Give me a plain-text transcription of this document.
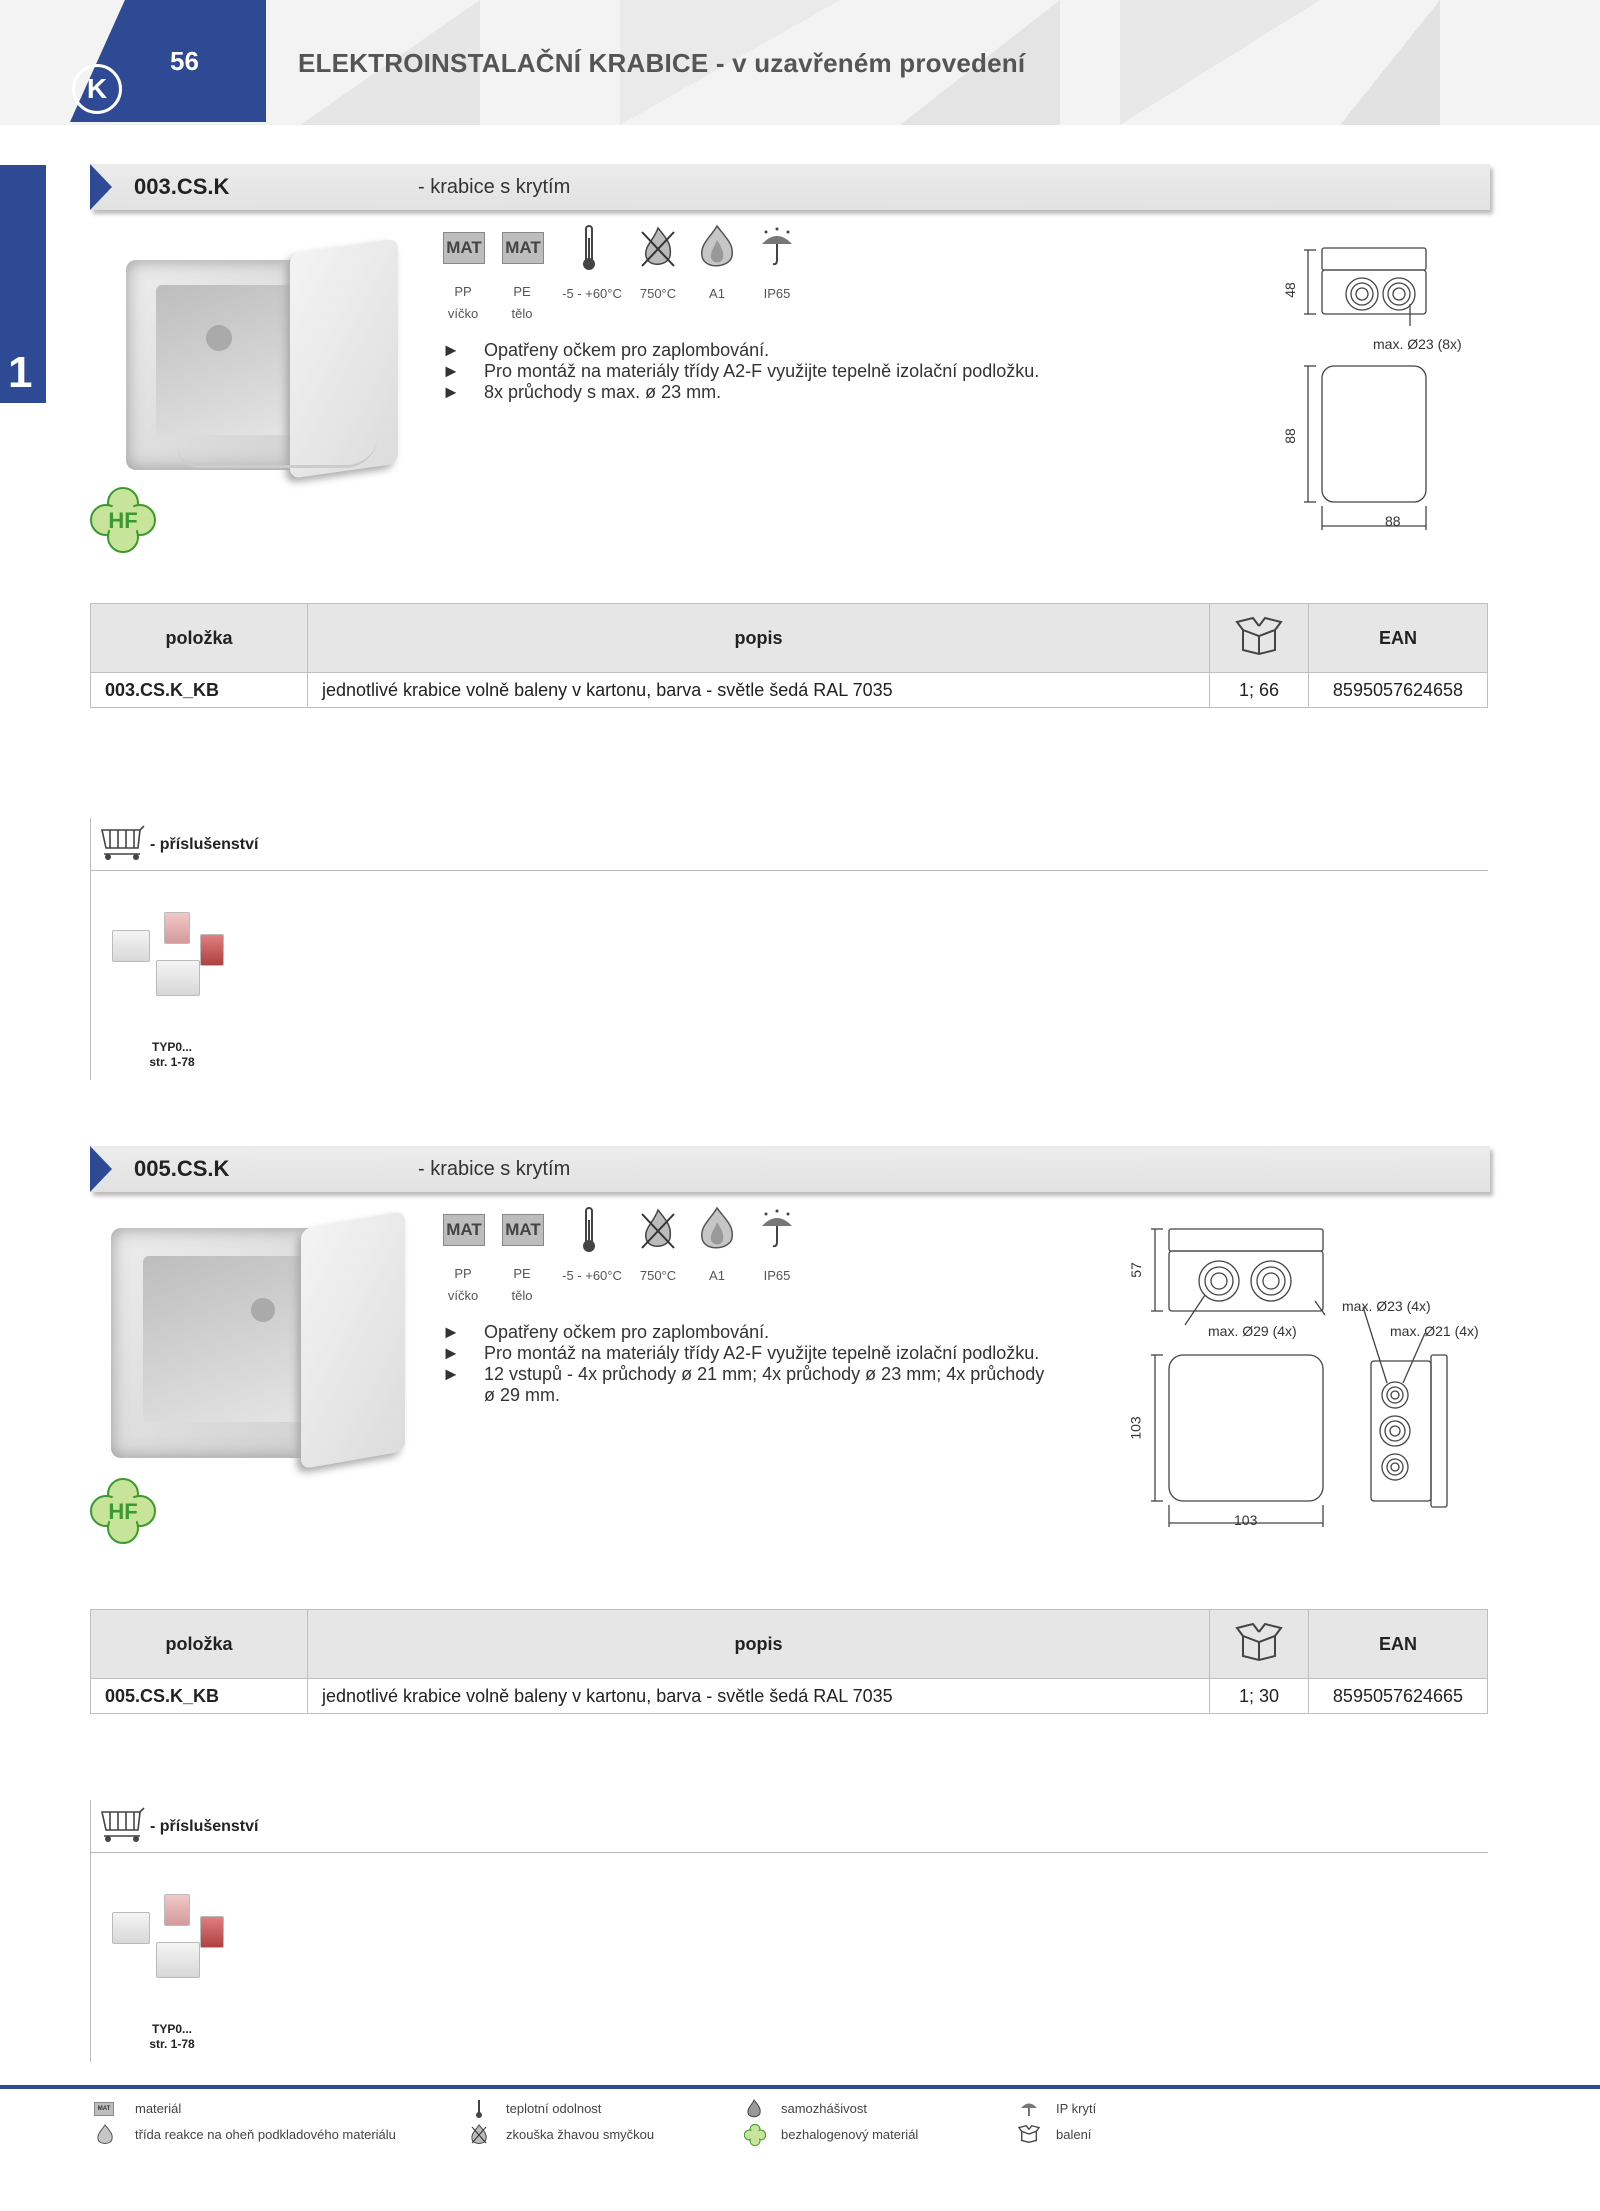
K
56	ELEKTROINSTALAČNÍ KRABICE - v uzavřeném provedení
1
003.CS.K	- krabice s krytím
HF
MAT MAT
PP
víčko
PE
tělo
-5 - +60°C	750°C	A1	IP65
► Opatřeny očkem pro zaplombování.
► Pro montáž na materiály třídy A2-F využijte tepelně izolační podložku.
► 8x průchody s max. ø 23 mm.
48
88
88
max. Ø23 (8x)
položka	popis		EAN
003.CS.K_KB	jednotlivé krabice volně baleny v kartonu, barva - světle šedá RAL 7035	1; 66	8595057624658
- příslušenství
TYP0...
str. 1-78
005.CS.K	- krabice s krytím
HF
MAT MAT
PP
víčko
PE
tělo
-5 - +60°C	750°C	A1	IP65
► Opatřeny očkem pro zaplombování.
► Pro montáž na materiály třídy A2-F využijte tepelně izolační podložku.
► 12 vstupů - 4x průchody ø 21 mm; 4x průchody ø 23 mm; 4x průchody
ø 29 mm.
57
103
103
max. Ø23 (4x)
max. Ø29 (4x)	max. Ø21 (4x)
položka	popis		EAN
005.CS.K_KB	jednotlivé krabice volně baleny v kartonu, barva - světle šedá RAL 7035	1; 30	8595057624665
- příslušenství
TYP0...
str. 1-78
MAT materiál	teplotní odolnost	samozhášivost	IP krytí
třída reakce na oheň podkladového materiálu	zkouška žhavou smyčkou	bezhalogenový materiál	balení
